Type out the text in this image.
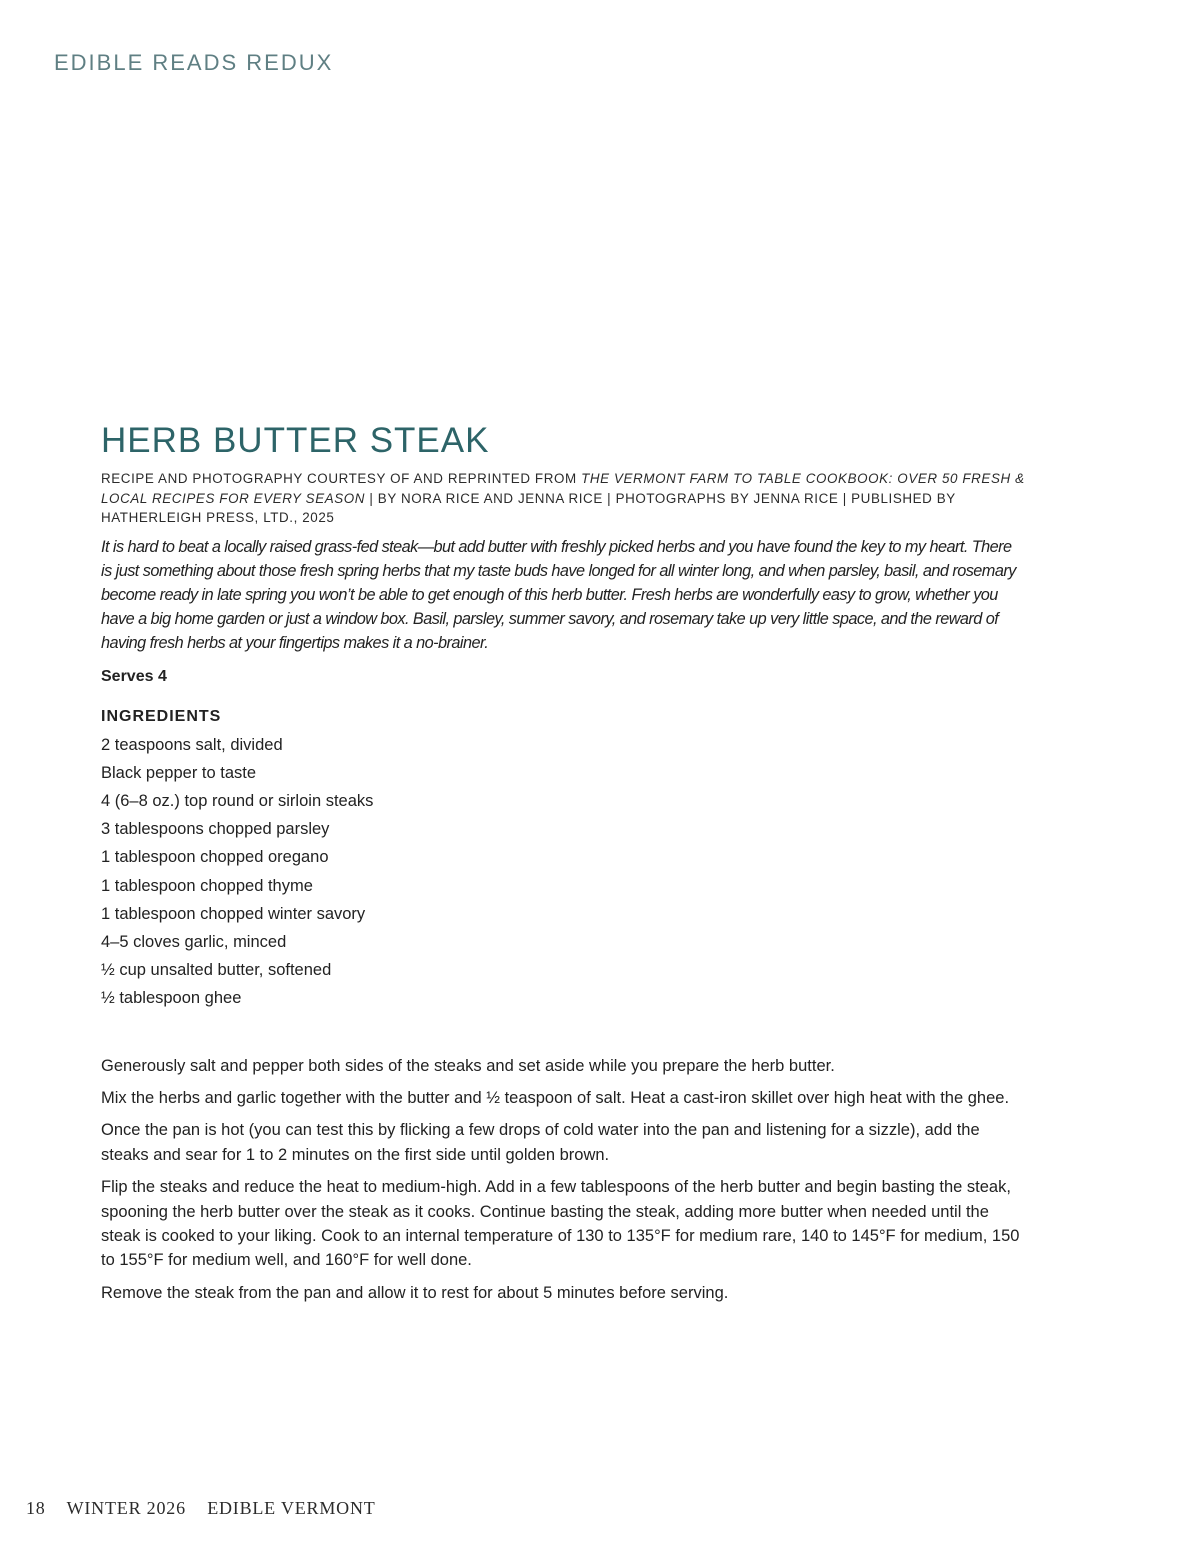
EDIBLE READS REDUX
HERB BUTTER STEAK

RECIPE AND PHOTOGRAPHY COURTESY OF AND REPRINTED FROM THE VERMONT FARM TO TABLE COOKBOOK: OVER 50 FRESH & LOCAL RECIPES FOR EVERY SEASON | BY NORA RICE AND JENNA RICE | PHOTOGRAPHS BY JENNA RICE | PUBLISHED BY HATHERLEIGH PRESS, LTD., 2025

It is hard to beat a locally raised grass-fed steak—but add butter with freshly picked herbs and you have found the key to my heart. There is just something about those fresh spring herbs that my taste buds have longed for all winter long, and when parsley, basil, and rosemary become ready in late spring you won’t be able to get enough of this herb butter. Fresh herbs are wonderfully easy to grow, whether you have a big home garden or just a window box. Basil, parsley, summer savory, and rosemary take up very little space, and the reward of having fresh herbs at your fingertips makes it a no-brainer.

Serves 4

INGREDIENTS
2 teaspoons salt, divided
Black pepper to taste
4 (6–8 oz.) top round or sirloin steaks
3 tablespoons chopped parsley
1 tablespoon chopped oregano
1 tablespoon chopped thyme
1 tablespoon chopped winter savory
4–5 cloves garlic, minced
½ cup unsalted butter, softened
½ tablespoon ghee

Generously salt and pepper both sides of the steaks and set aside while you prepare the herb butter.

Mix the herbs and garlic together with the butter and ½ teaspoon of salt. Heat a cast-iron skillet over high heat with the ghee.

Once the pan is hot (you can test this by flicking a few drops of cold water into the pan and listening for a sizzle), add the steaks and sear for 1 to 2 minutes on the first side until golden brown.

Flip the steaks and reduce the heat to medium-high. Add in a few tablespoons of the herb butter and begin basting the steak, spooning the herb butter over the steak as it cooks. Continue basting the steak, adding more butter when needed until the steak is cooked to your liking. Cook to an internal temperature of 130 to 135°F for medium rare, 140 to 145°F for medium, 150 to 155°F for medium well, and 160°F for well done.

Remove the steak from the pan and allow it to rest for about 5 minutes before serving.

18 WINTER 2026 EDIBLE VERMONT
